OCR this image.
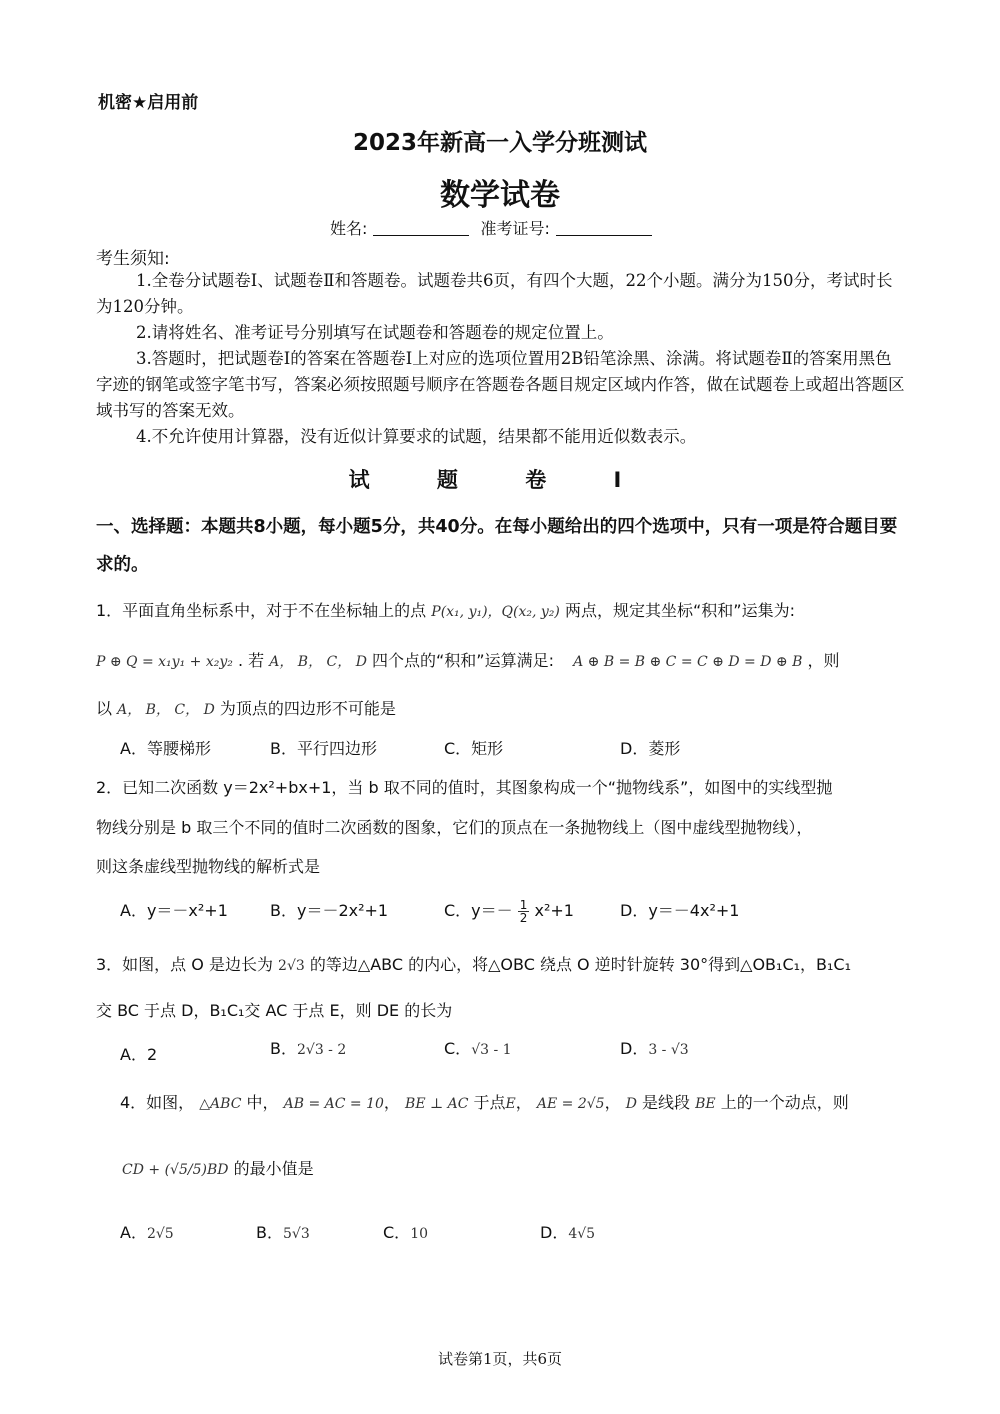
机密★启用前
2023年新高一入学分班测试
数学试卷
姓名:	准考证号:
考生须知:

1.全卷分试题卷Ⅰ、试题卷Ⅱ和答题卷。试题卷共6页，有四个大题，22个小题。满分为150分，考试时长为120分钟。

2.请将姓名、准考证号分别填写在试题卷和答题卷的规定位置上。

3.答题时，把试题卷Ⅰ的答案在答题卷Ⅰ上对应的选项位置用2B铅笔涂黑、涂满。将试题卷Ⅱ的答案用黑色字迹的钢笔或签字笔书写，答案必须按照题号顺序在答题卷各题目规定区域内作答，做在试题卷上或超出答题区域书写的答案无效。

4.不允许使用计算器，没有近似计算要求的试题，结果都不能用近似数表示。

试 题 卷 Ⅰ
一、选择题：本题共8小题，每小题5分，共40分。在每小题给出的四个选项中，只有一项是符合题目要求的。
1．平面直角坐标系中，对于不在坐标轴上的点 P(x₁, y₁)，Q(x₂, y₂) 两点，规定其坐标“积和”运集为:
P ⊕ Q = x₁y₁ + x₂y₂ . 若 A， B， C， D 四个点的“积和”运算满足: A ⊕ B = B ⊕ C = C ⊕ D = D ⊕ B ，则
以 A， B， C， D 为顶点的四边形不可能是
A．等腰梯形	B．平行四边形	C．矩形	D．菱形
2．已知二次函数 y＝2x²+bx+1，当 b 取不同的值时，其图象构成一个“抛物线系”，如图中的实线型抛
物线分别是 b 取三个不同的值时二次函数的图象，它们的顶点在一条抛物线上（图中虚线型抛物线），
则这条虚线型抛物线的解析式是
A．y＝－x²+1	B．y＝－2x²+1	C．$y=- \frac{1}{2} x^2+1$	D．y＝－4x²+1
3．如图，点 O 是边长为 2√3 的等边△ABC 的内心，将△OBC 绕点 O 逆时针旋转 30°得到△OB₁C₁，B₁C₁
交 BC 于点 D，B₁C₁交 AC 于点 E，则 DE 的长为
A．2	B．2√3 - 2	C．√3 - 1	D．3 - √3
4．如图， △ABC 中， AB = AC = 10， BE ⊥ AC 于点E， AE = 2√5， D 是线段 BE 上的一个动点，则
CD + (√5/5)BD 的最小值是
A．2√5	B．5√3	C．10	D．4√5
试卷第1页，共6页
